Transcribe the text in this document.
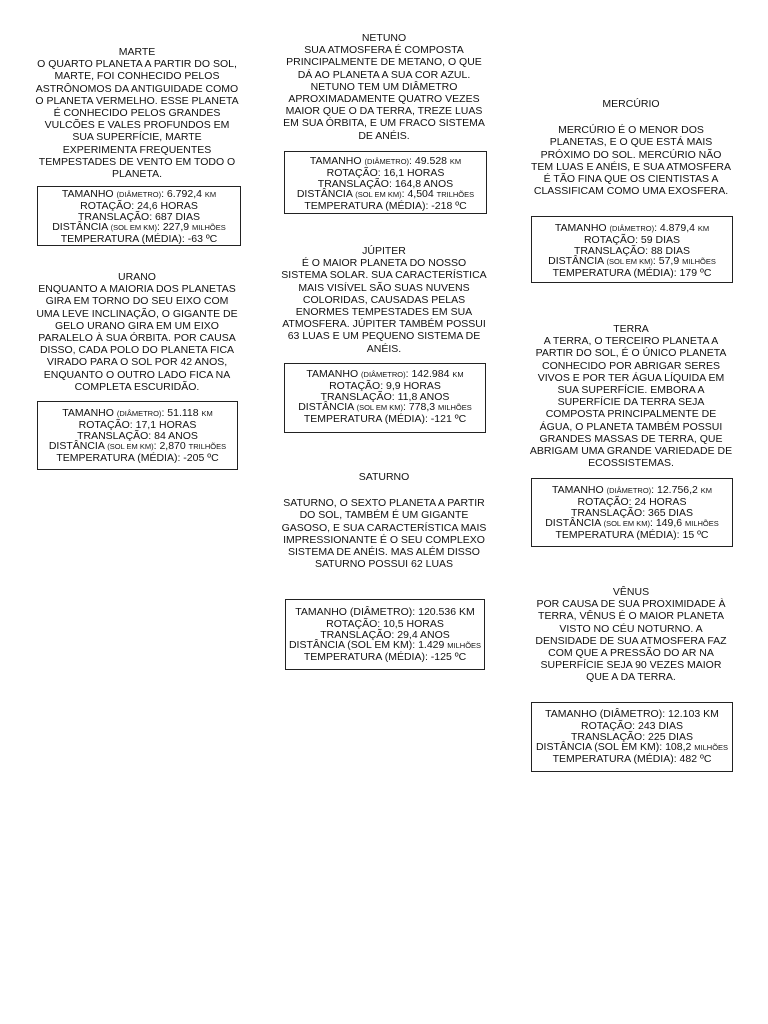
MARTE
O QUARTO PLANETA A PARTIR DO SOL, MARTE, FOI CONHECIDO PELOS ASTRÔNOMOS DA ANTIGUIDADE COMO O PLANETA VERMELHO. ESSE PLANETA É CONHECIDO PELOS GRANDES VULCÕES E VALES PROFUNDOS EM SUA SUPERFÍCIE, MARTE EXPERIMENTA FREQUENTES TEMPESTADES DE VENTO EM TODO O PLANETA.
TAMANHO (DIÂMETRO): 6.792,4 KM
ROTAÇÃO: 24,6 HORAS
TRANSLAÇÃO: 687 DIAS
DISTÂNCIA (SOL EM KM): 227,9 MILHÕES
TEMPERATURA (MÉDIA): -63 ºC
NETUNO
SUA ATMOSFERA É COMPOSTA PRINCIPALMENTE DE METANO, O QUE DÁ AO PLANETA A SUA COR AZUL. NETUNO TEM UM DIÂMETRO APROXIMADAMENTE QUATRO VEZES MAIOR QUE O DA TERRA, TREZE LUAS EM SUA ÓRBITA, E UM FRACO SISTEMA DE ANÉIS.
TAMANHO (DIÂMETRO): 49.528 KM
ROTAÇÃO: 16,1 HORAS
TRANSLAÇÃO: 164,8 ANOS
DISTÂNCIA (SOL EM KM): 4,504 TRILHÕES
TEMPERATURA (MÉDIA): -218 ºC
MERCÚRIO
MERCÚRIO É O MENOR DOS PLANETAS, E O QUE ESTÁ MAIS PRÓXIMO DO SOL. MERCÚRIO NÃO TEM LUAS E ANÉIS, E SUA ATMOSFERA É TÃO FINA QUE OS CIENTISTAS A CLASSIFICAM COMO UMA EXOSFERA.
TAMANHO (DIÂMETRO): 4.879,4 KM
ROTAÇÃO: 59 DIAS
TRANSLAÇÃO: 88 DIAS
DISTÂNCIA (SOL EM KM): 57,9 MILHÕES
TEMPERATURA (MÉDIA): 179 ºC
URANO
ENQUANTO A MAIORIA DOS PLANETAS GIRA EM TORNO DO SEU EIXO COM UMA LEVE INCLINAÇÃO, O GIGANTE DE GELO URANO GIRA EM UM EIXO PARALELO À SUA ÓRBITA. POR CAUSA DISSO, CADA POLO DO PLANETA FICA VIRADO PARA O SOL POR 42 ANOS, ENQUANTO O OUTRO LADO FICA NA COMPLETA ESCURIDÃO.
TAMANHO (DIÂMETRO): 51.118 KM
ROTAÇÃO: 17,1 HORAS
TRANSLAÇÃO: 84 ANOS
DISTÂNCIA (SOL EM KM): 2,870 TRILHÕES
TEMPERATURA (MÉDIA): -205 ºC
JÚPITER
É O MAIOR PLANETA DO NOSSO SISTEMA SOLAR. SUA CARACTERÍSTICA MAIS VISÍVEL SÃO SUAS NUVENS COLORIDAS, CAUSADAS PELAS ENORMES TEMPESTADES EM SUA ATMOSFERA. JÚPITER TAMBÉM POSSUI 63 LUAS E UM PEQUENO SISTEMA DE ANÉIS.
TAMANHO (DIÂMETRO): 142.984 KM
ROTAÇÃO: 9,9 HORAS
TRANSLAÇÃO: 11,8 ANOS
DISTÂNCIA (SOL EM KM): 778,3 MILHÕES
TEMPERATURA (MÉDIA): -121 ºC
TERRA
A TERRA, O TERCEIRO PLANETA A PARTIR DO SOL, É O ÚNICO PLANETA CONHECIDO POR ABRIGAR SERES VIVOS E POR TER ÁGUA LÍQUIDA EM SUA SUPERFÍCIE. EMBORA A SUPERFÍCIE DA TERRA SEJA COMPOSTA PRINCIPALMENTE DE ÁGUA, O PLANETA TAMBÉM POSSUI GRANDES MASSAS DE TERRA, QUE ABRIGAM UMA GRANDE VARIEDADE DE ECOSSISTEMAS.
TAMANHO (DIÂMETRO): 12.756,2 KM
ROTAÇÃO: 24 HORAS
TRANSLAÇÃO: 365 DIAS
DISTÂNCIA (SOL EM KM): 149,6 MILHÕES
TEMPERATURA (MÉDIA): 15 ºC
SATURNO
SATURNO, O SEXTO PLANETA A PARTIR DO SOL, TAMBÉM É UM GIGANTE GASOSO, E SUA CARACTERÍSTICA MAIS IMPRESSIONANTE É O SEU COMPLEXO SISTEMA DE ANÉIS. MAS ALÉM DISSO SATURNO POSSUI 62 LUAS
TAMANHO (DIÂMETRO): 120.536 KM
ROTAÇÃO: 10,5 HORAS
TRANSLAÇÃO: 29,4 ANOS
DISTÂNCIA (SOL EM KM): 1.429 MILHÕES
TEMPERATURA (MÉDIA): -125 ºC
VÊNUS
POR CAUSA DE SUA PROXIMIDADE À TERRA, VÊNUS É O MAIOR PLANETA VISTO NO CÉU NOTURNO. A DENSIDADE DE SUA ATMOSFERA FAZ COM QUE A PRESSÃO DO AR NA SUPERFÍCIE SEJA 90 VEZES MAIOR QUE A DA TERRA.
TAMANHO (DIÂMETRO): 12.103 KM
ROTAÇÃO: 243 DIAS
TRANSLAÇÃO: 225 DIAS
DISTÂNCIA (SOL EM KM): 108,2 MILHÕES
TEMPERATURA (MÉDIA): 482 ºC
